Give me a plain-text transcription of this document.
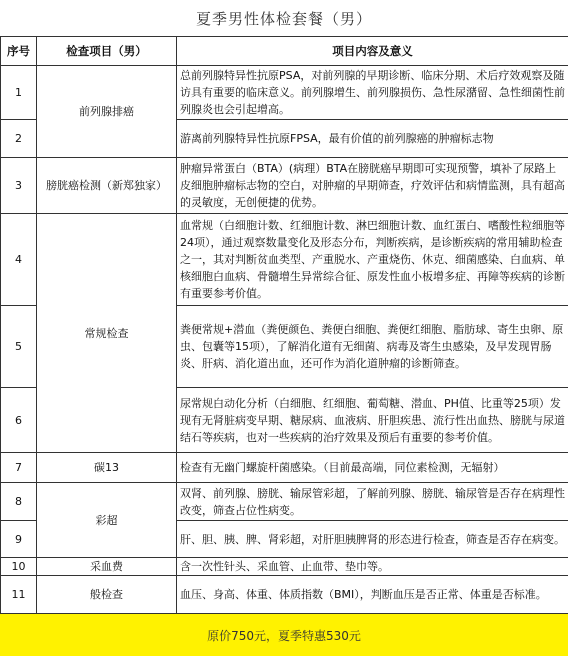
夏季男性体检套餐（男）
序号	检查项目（男）	项目内容及意义
1	前列腺排癌	总前列腺特异性抗原PSA，对前列腺的早期诊断、临床分期、术后疗效观察及随访具有重要的临床意义。前列腺增生、前列腺损伤、急性尿潴留、急性细菌性前列腺炎也会引起增高。
2		游离前列腺特异性抗原FPSA，最有价值的前列腺癌的肿瘤标志物
3	膀胱癌检测（新郑独家）	肿瘤异常蛋白（BTA）(病理）BTA在膀胱癌早期即可实现预警，填补了尿路上皮细胞肿瘤标志物的空白，对肿瘤的早期筛查，疗效评估和病情监测，具有超高的灵敏度，无创便捷的优势。
4	常规检查	血常规（白细胞计数、红细胞计数、淋巴细胞计数、血红蛋白、嗜酸性粒细胞等24项），通过观察数量变化及形态分布，判断疾病，是诊断疾病的常用辅助检查之一，其对判断贫血类型、产重脱水、产重烧伤、休克、细菌感染、白血病、单核细胞白血病、骨髓增生异常综合征、原发性血小板增多症、再障等疾病的诊断有重要参考价值。
5		粪便常规+潜血（粪便颜色、粪便白细胞、粪便红细胞、脂肪球、寄生虫卵、原虫、包囊等15项），了解消化道有无细菌、病毒及寄生虫感染，及早发现胃肠炎、肝病、消化道出血，还可作为消化道肿瘤的诊断筛查。
6		尿常规白动化分析（白细胞、红细胞、葡萄糖、潜血、PH值、比重等25项）发现有无肾脏病变早期、糖尿病、血液病、肝胆疾患、流行性出血热、膀胱与尿道结石等疾病，也对一些疾病的治疗效果及预后有重要的参考价值。
7	碳13	检查有无幽门螺旋杆菌感染。（目前最高端，同位素检测，无辐射）
8	彩超	双肾、前列腺、膀胱、输尿管彩超，了解前列腺、膀胱、输尿管是否存在病理性改变，筛查占位性病变。
9		肝、胆、胰、脾、肾彩超，对肝胆胰脾肾的形态进行检查，筛查是否存在病变。
10	采血费	含一次性针头、采血管、止血带、垫巾等。
11	般检查	血压、身高、体重、体质指数（BMI），判断血压是否正常、体重是否标准。
原价750元，夏季特惠530元
